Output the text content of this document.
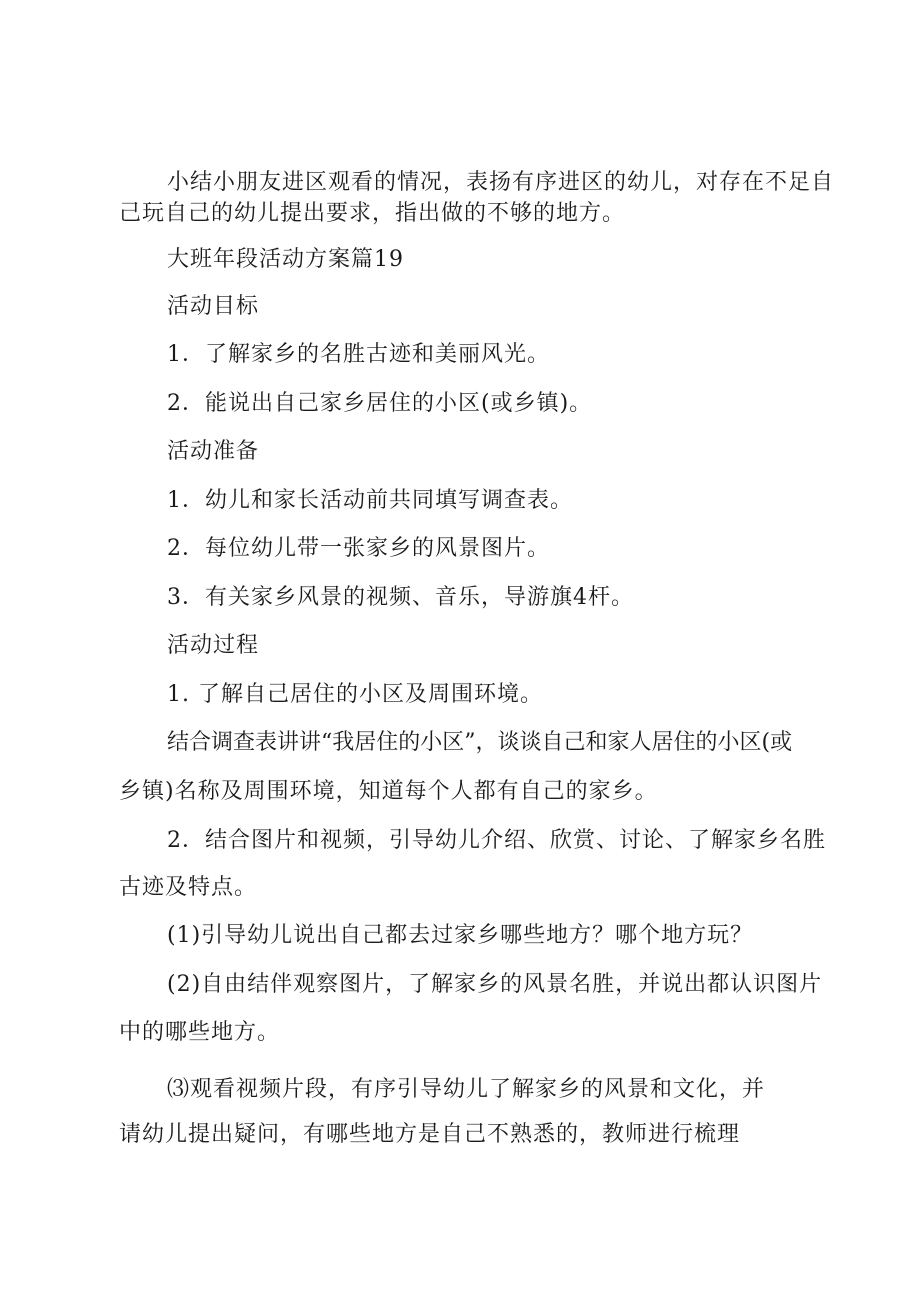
小结小朋友进区观看的情况，表扬有序进区的幼儿，对存在不足自

己玩自己的幼儿提出要求，指出做的不够的地方。

大班年段活动方案篇19

活动目标

1．了解家乡的名胜古迹和美丽风光。

2．能说出自己家乡居住的小区(或乡镇)。

活动准备

1．幼儿和家长活动前共同填写调查表。

2．每位幼儿带一张家乡的风景图片。

3．有关家乡风景的视频、音乐，导游旗4杆。

活动过程

1. 了解自己居住的小区及周围环境。

结合调查表讲讲“我居住的小区”，谈谈自己和家人居住的小区(或

乡镇)名称及周围环境，知道每个人都有自己的家乡。

2．结合图片和视频，引导幼儿介绍、欣赏、讨论、了解家乡名胜

古迹及特点。

(1)引导幼儿说出自己都去过家乡哪些地方？哪个地方玩？

(2)自由结伴观察图片，了解家乡的风景名胜，并说出都认识图片

中的哪些地方。

⑶观看视频片段，有序引导幼儿了解家乡的风景和文化，并

请幼儿提出疑问，有哪些地方是自己不熟悉的，教师进行梳理
